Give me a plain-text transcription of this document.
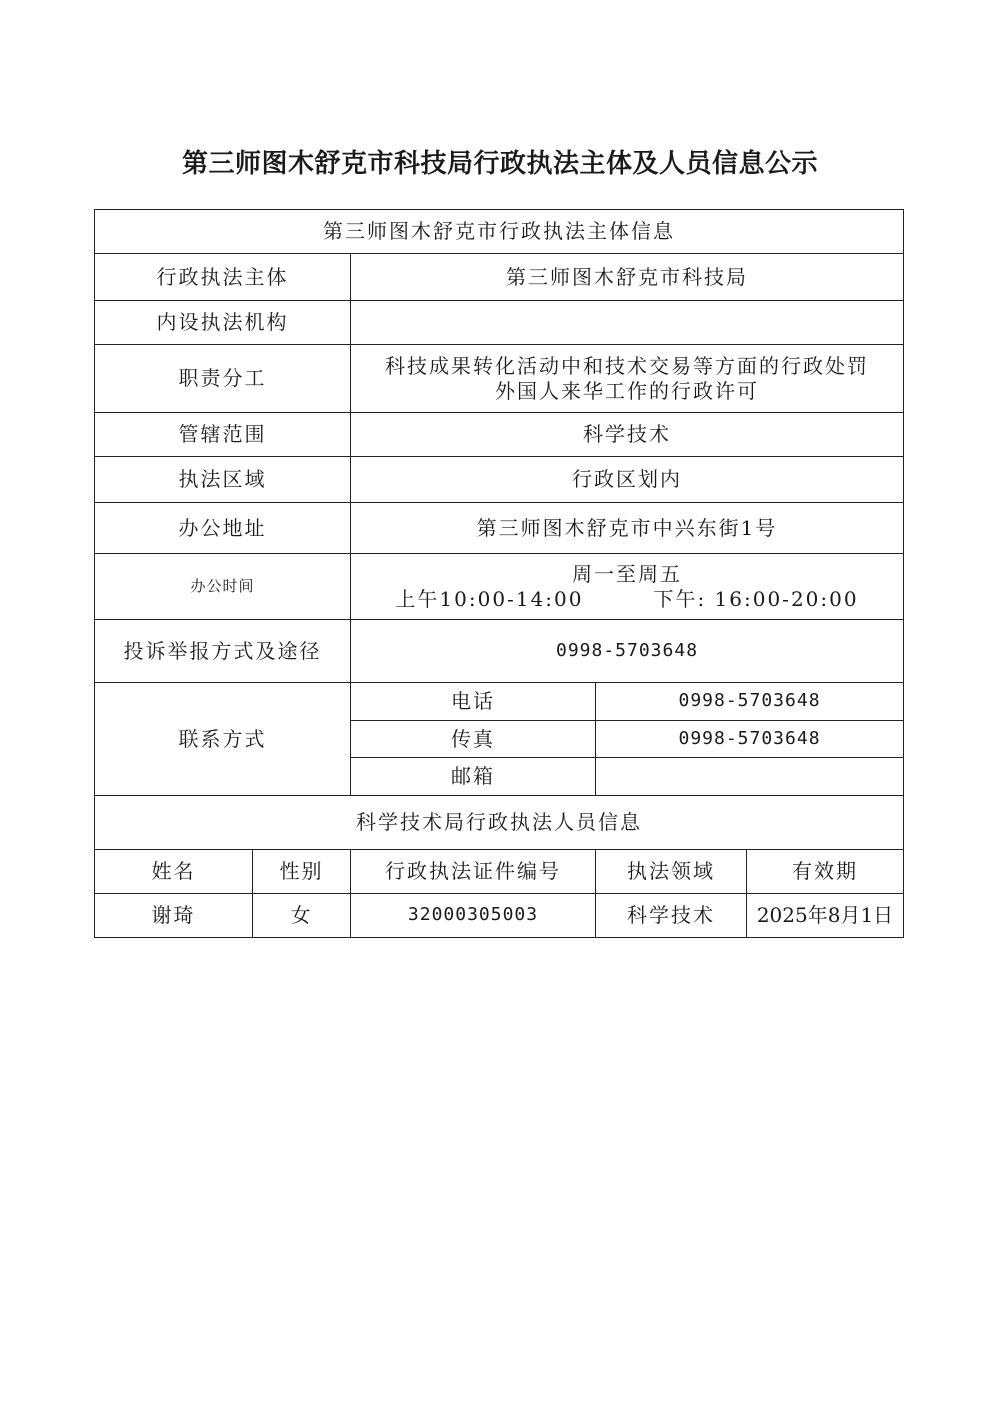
第三师图木舒克市科技局行政执法主体及人员信息公示
第三师图木舒克市行政执法主体信息				
行政执法主体		第三师图木舒克市科技局		
内设执法机构				
职责分工		科技成果转化活动中和技术交易等方面的行政处罚
外国人来华工作的行政许可		

管辖范围		科学技术		
执法区域		行政区划内		
办公地址		第三师图木舒克市中兴东街1号		
办公时间		周一至周五
上午10:00-14:00 下午: 16:00-20:00		

投诉举报方式及途径		0998-5703648		
联系方式		电话	0998-5703648	
		传真	0998-5703648	
		邮箱		
科学技术局行政执法人员信息				
姓名	性别	行政执法证件编号	执法领域	有效期
谢琦	女	32000305003	科学技术	2025年8月1日
